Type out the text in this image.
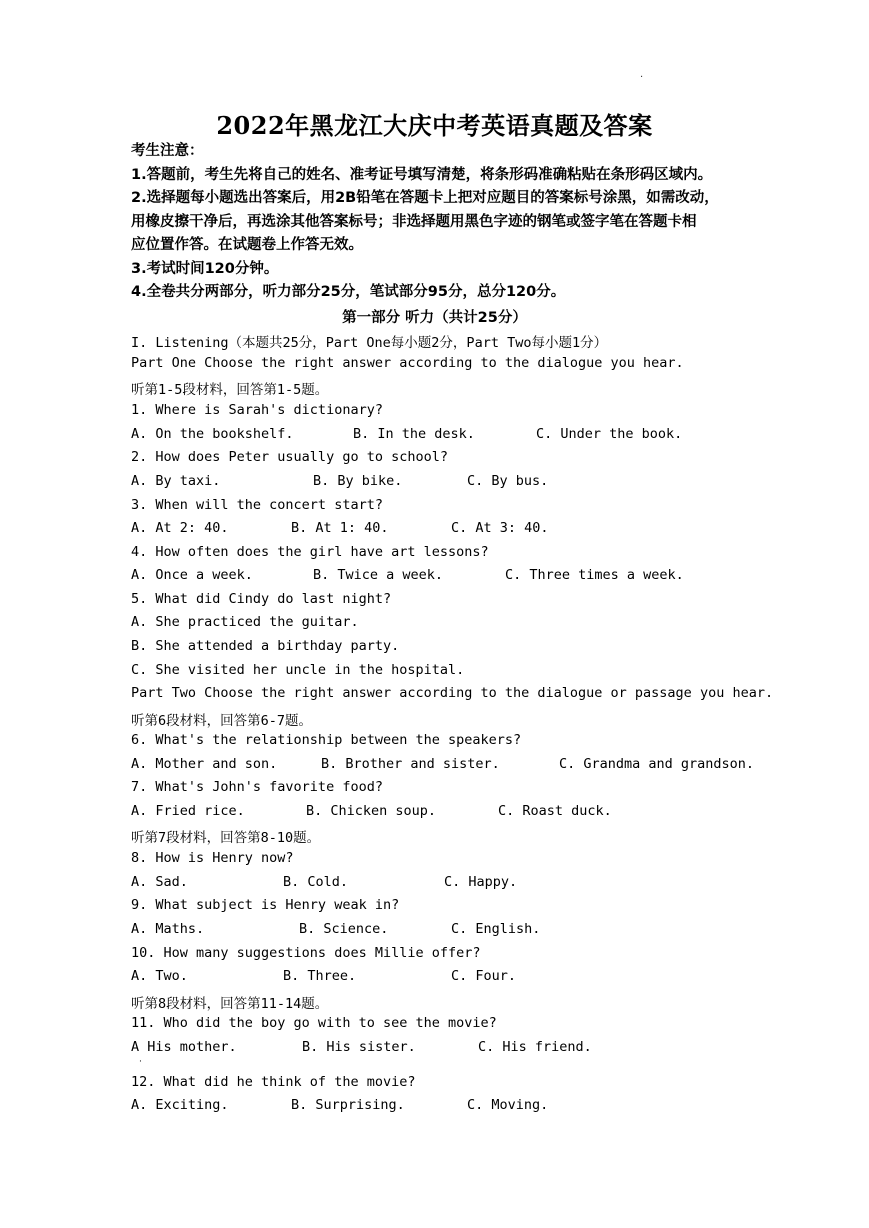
·
2022年黑龙江大庆中考英语真题及答案
考生注意：
1.答题前，考生先将自己的姓名、准考证号填写清楚，将条形码准确粘贴在条形码区域内。
2.选择题每小题选出答案后，用2B铅笔在答题卡上把对应题目的答案标号涂黑，如需改动，
用橡皮擦干净后，再选涂其他答案标号；非选择题用黑色字迹的钢笔或签字笔在答题卡相
应位置作答。在试题卷上作答无效。
3.考试时间120分钟。
4.全卷共分两部分，听力部分25分，笔试部分95分，总分120分。
第一部分 听力（共计25分）
I. Listening（本题共25分，Part One每小题2分，Part Two每小题1分）
Part One Choose the right answer according to the dialogue you hear.
听第1-5段材料，回答第1-5题。
1. Where is Sarah's dictionary?
A. On the bookshelf.	B. In the desk.	C. Under the book.
2. How does Peter usually go to school?
A. By taxi.	B. By bike.	C. By bus.
3. When will the concert start?
A. At 2: 40.	B. At 1: 40.	C. At 3: 40.
4. How often does the girl have art lessons?
A. Once a week.	B. Twice a week.	C. Three times a week.
5. What did Cindy do last night?
A. She practiced the guitar.
B. She attended a birthday party.
C. She visited her uncle in the hospital.
Part Two Choose the right answer according to the dialogue or passage you hear.
听第6段材料，回答第6-7题。
6. What's the relationship between the speakers?
A. Mother and son.	B. Brother and sister.	C. Grandma and grandson.
7. What's John's favorite food?
A. Fried rice.	B. Chicken soup.	C. Roast duck.
听第7段材料，回答第8-10题。
8. How is Henry now?
A. Sad.	B. Cold.	C. Happy.
9. What subject is Henry weak in?
A. Maths.	B. Science.	C. English.
10. How many suggestions does Millie offer?
A. Two.	B. Three.	C. Four.
听第8段材料，回答第11-14题。
11. Who did the boy go with to see the movie?
A His mother.	B. His sister.	C. His friend.
·
12. What did he think of the movie?
A. Exciting.	B. Surprising.	C. Moving.
